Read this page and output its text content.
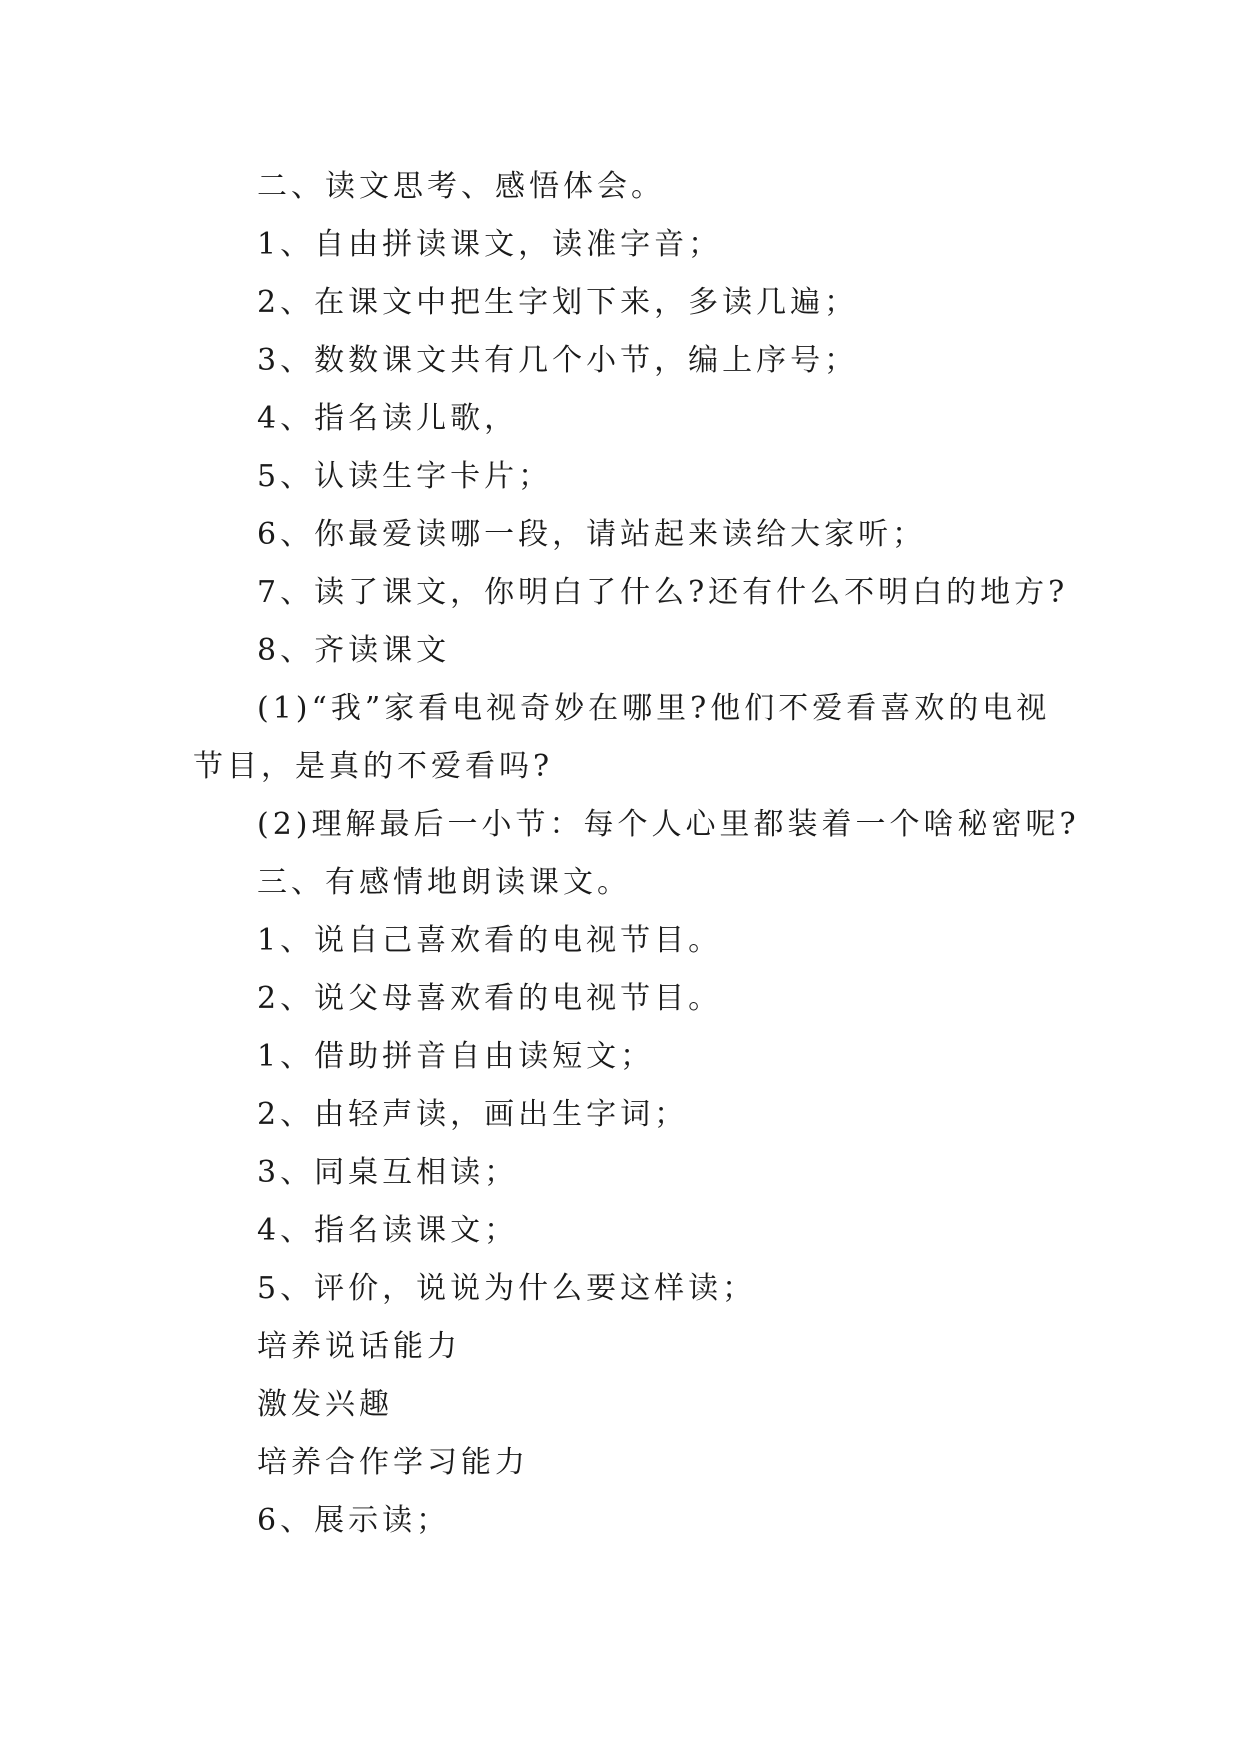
二、读文思考、感悟体会。
1、自由拼读课文，读准字音；
2、在课文中把生字划下来，多读几遍；
3、数数课文共有几个小节，编上序号；
4、指名读儿歌，
5、认读生字卡片；
6、你最爱读哪一段，请站起来读给大家听；
7、读了课文，你明白了什么?还有什么不明白的地方?
8、齐读课文
(1)“我”家看电视奇妙在哪里?他们不爱看喜欢的电视节目，是真的不爱看吗?
(2)理解最后一小节：每个人心里都装着一个啥秘密呢?
三、有感情地朗读课文。
1、说自己喜欢看的电视节目。
2、说父母喜欢看的电视节目。
1、借助拼音自由读短文；
2、由轻声读，画出生字词；
3、同桌互相读；
4、指名读课文；
5、评价，说说为什么要这样读；
培养说话能力
激发兴趣
培养合作学习能力
6、展示读；
